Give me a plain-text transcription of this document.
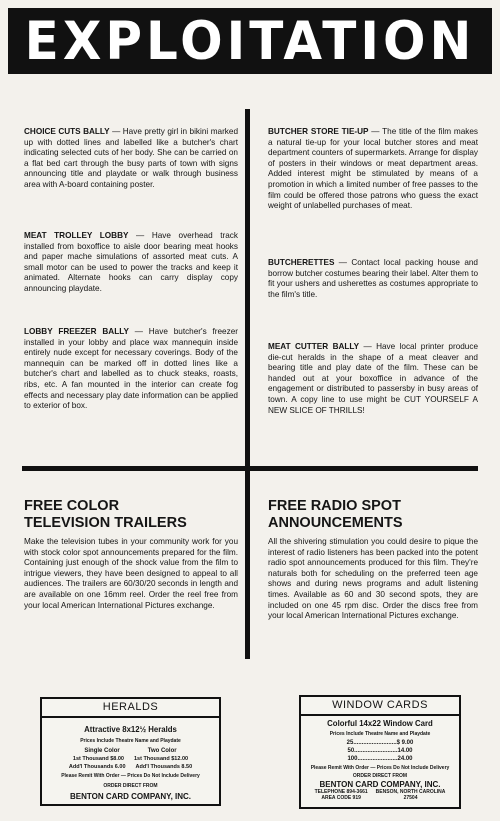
EXPLOITATION

CHOICE CUTS BALLY — Have pretty girl in bikini marked up with dotted lines and labelled like a butcher's chart indicating selected cuts of her body. She can be carried on a flat bed cart through the busy parts of town with signs announcing title and playdate or walk through business area with A-board containing poster.

MEAT TROLLEY LOBBY — Have overhead track installed from boxoffice to aisle door bearing meat hooks and paper mache simulations of assorted meat cuts. A small motor can be used to power the tracks and keep it animated. Alternate hooks can carry display copy announcing playdate.

LOBBY FREEZER BALLY — Have butcher's freezer installed in your lobby and place wax mannequin inside entirely nude except for necessary coverings. Body of the mannequin can be marked off in dotted lines like a butcher's chart and labelled as to chuck steaks, roasts, ribs, etc. A fan mounted in the interior can create fog effects and necessary play date information can be applied to exterior of box.

BUTCHER STORE TIE-UP — The title of the film makes a natural tie-up for your local butcher stores and meat department counters of supermarkets. Arrange for display of posters in their windows or meat department areas. Added interest might be stimulated by means of a promotion in which a limited number of free passes to the film could be offered those patrons who guess the exact weight of unlabelled purchases of meat.

BUTCHERETTES — Contact local packing house and borrow butcher costumes bearing their label. Alter them to fit your ushers and usherettes as costumes appropriate to the film's title.

MEAT CUTTER BALLY — Have local printer produce die-cut heralds in the shape of a meat cleaver and bearing title and play date of the film. These can be handed out at your boxoffice in advance of the engagement or distributed to passersby in busy areas of town. A copy line to use might be CUT YOURSELF A NEW SLICE OF THRILLS!

FREE COLOR
TELEVISION TRAILERS

Make the television tubes in your community work for you with stock color spot announcements prepared for the film. Containing just enough of the shock value from the film to intrigue viewers, they have been designed to appeal to all audiences. The trailers are 60/30/20 seconds in length and are available on one 16mm reel. Order the reel free from your local American International Pictures exchange.

FREE RADIO SPOT
ANNOUNCEMENTS

All the shivering stimulation you could desire to pique the interest of radio listeners has been packed into the potent radio spot announcements produced for this film. They're naturals both for scheduling on the preferred teen age shows and during news programs and adult listening times. Available as 60 and 30 second spots, they are included on one 45 rpm disc. Order the discs free from your local American International Pictures exchange.

HERALDS
Attractive 8x12½ Heralds
Prices Include Theatre Name and Playdate
Single Color	Two Color
1st Thousand $8.00 1st Thousand $12.00
Add'l Thousands 6.00 Add'l Thousands 8.50
Please Remit With Order — Prices Do Not Include Delivery
ORDER DIRECT FROM
BENTON CARD COMPANY, INC.
WINDOW CARDS
Colorful 14x22 Window Card
Prices Include Theatre Name and Playdate
25..........................$ 9.00
50..........................14.00
100........................24.00
Please Remit With Order — Prices Do Not Include Delivery
ORDER DIRECT FROM
BENTON CARD COMPANY, INC.
TELEPHONE 894-3661
AREA CODE 919
BENSON, NORTH CAROLINA
27504
